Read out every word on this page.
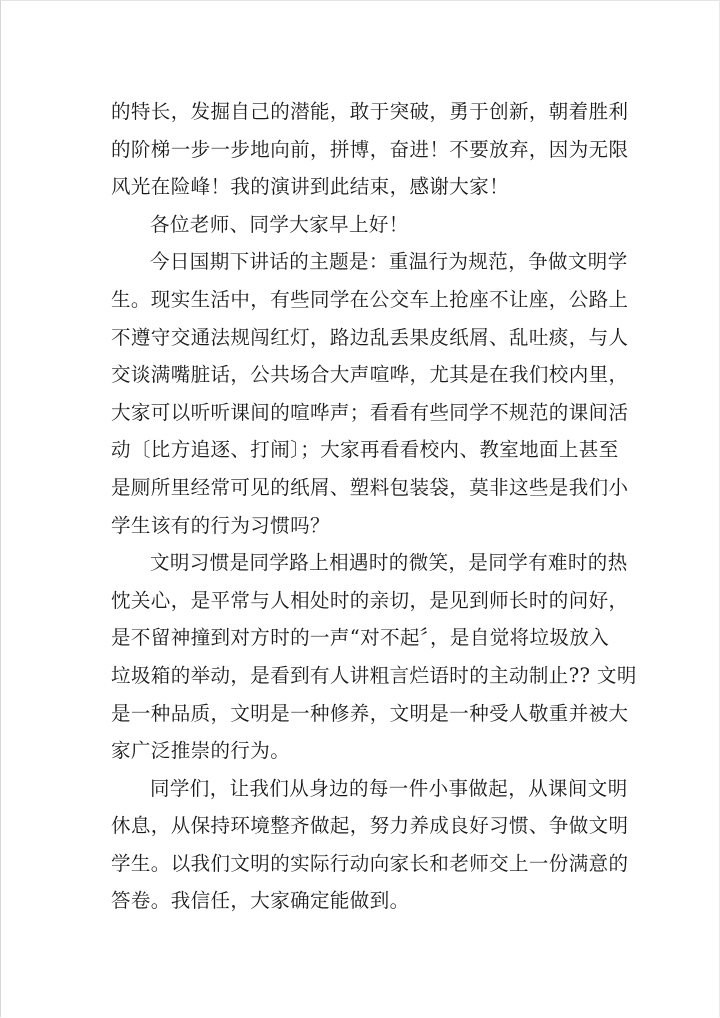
的特长，发掘自己的潜能，敢于突破，勇于创新，朝着胜利
的阶梯一步一步地向前，拼博，奋进！不要放弃，因为无限
风光在险峰！我的演讲到此结束，感谢大家！
各位老师、同学大家早上好！
今日国期下讲话的主题是：重温行为规范，争做文明学
生。现实生活中，有些同学在公交车上抢座不让座，公路上
不遵守交通法规闯红灯，路边乱丢果皮纸屑、乱吐痰，与人
交谈满嘴脏话，公共场合大声喧哗，尤其是在我们校内里，
大家可以听听课间的喧哗声；看看有些同学不规范的课间活
动〔比方追逐、打闹〕；大家再看看校内、教室地面上甚至
是厕所里经常可见的纸屑、塑料包装袋，莫非这些是我们小
学生该有的行为习惯吗？
文明习惯是同学路上相遇时的微笑，是同学有难时的热
忱关心，是平常与人相处时的亲切，是见到师长时的问好，
是不留神撞到对方时的一声“对不起〞，是自觉将垃圾放入
垃圾箱的举动，是看到有人讲粗言烂语时的主动制止?? 文明
是一种品质，文明是一种修养，文明是一种受人敬重并被大
家广泛推崇的行为。
同学们，让我们从身边的每一件小事做起，从课间文明
休息，从保持环境整齐做起，努力养成良好习惯、争做文明
学生。以我们文明的实际行动向家长和老师交上一份满意的
答卷。我信任，大家确定能做到。
